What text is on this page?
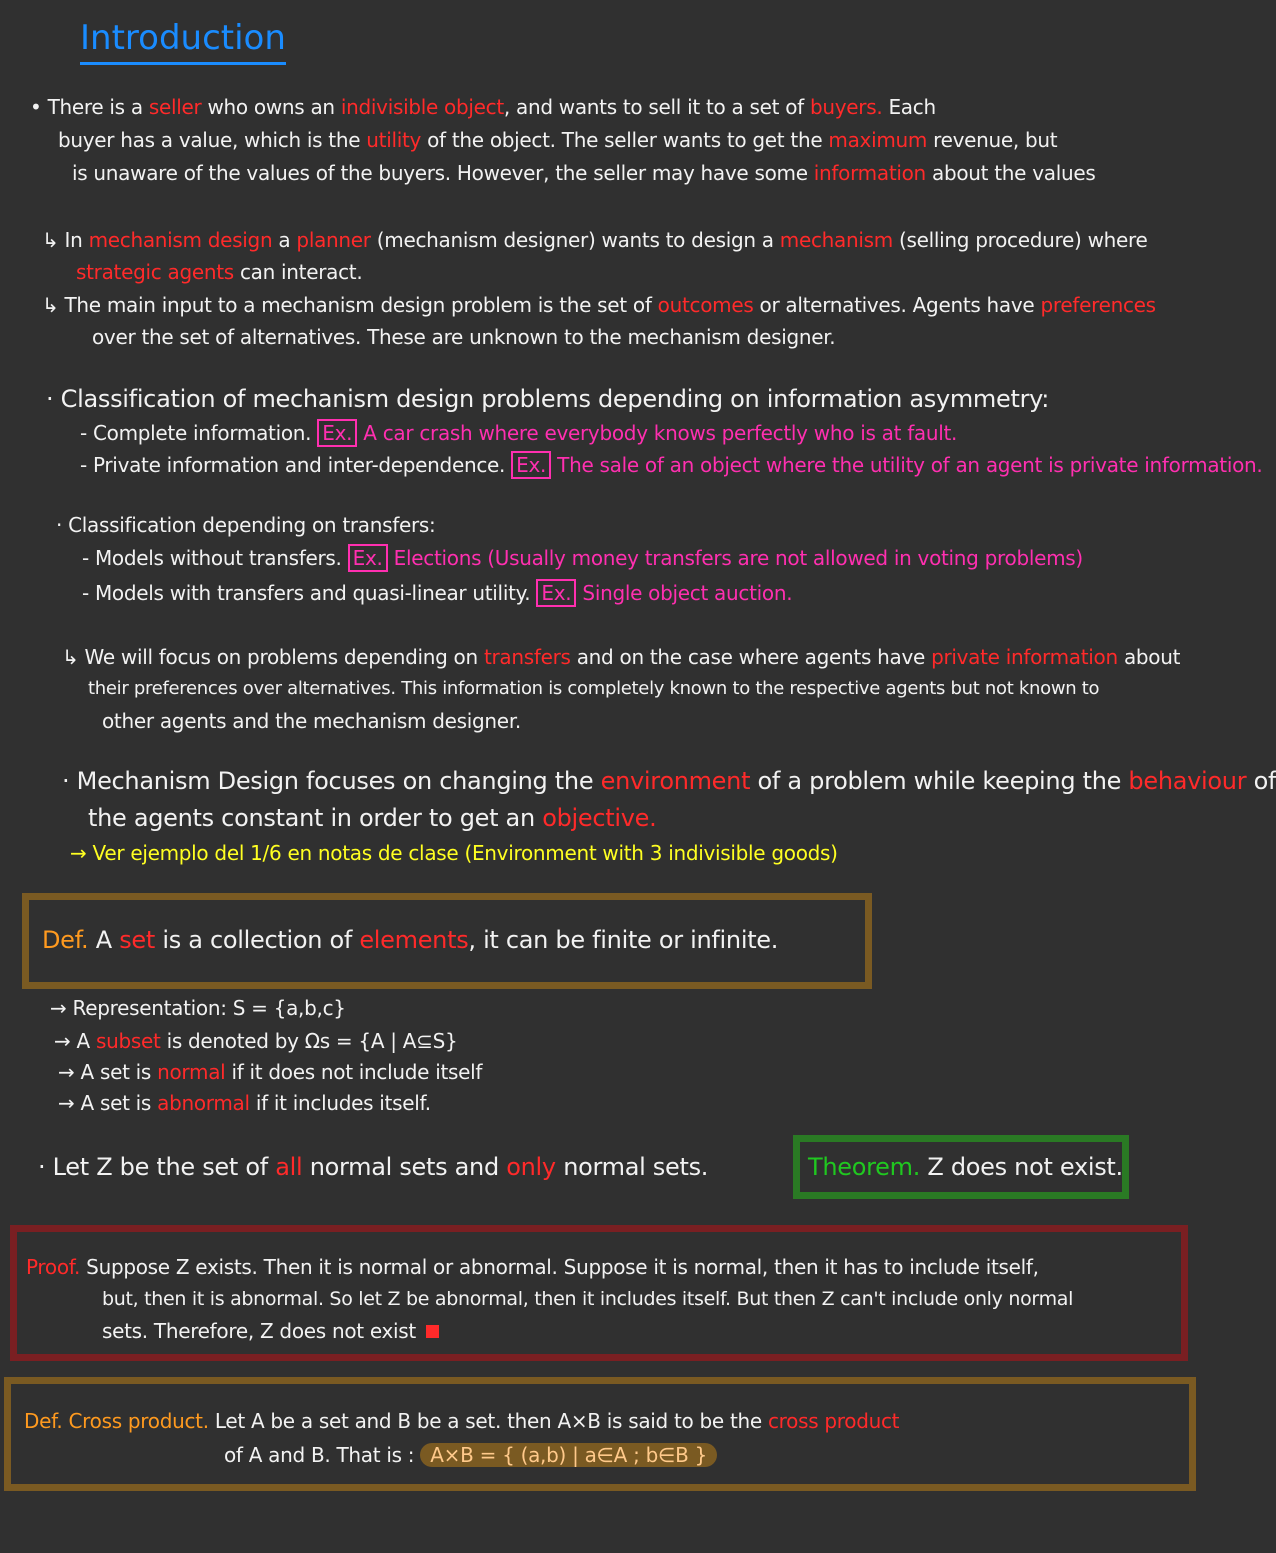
Introduction
• There is a seller who owns an indivisible object, and wants to sell it to a set of buyers. Each
buyer has a value, which is the utility of the object. The seller wants to get the maximum revenue, but
is unaware of the values of the buyers. However, the seller may have some information about the values
↳ In mechanism design a planner (mechanism designer) wants to design a mechanism (selling procedure) where
strategic agents can interact.
↳ The main input to a mechanism design problem is the set of outcomes or alternatives. Agents have preferences
over the set of alternatives. These are unknown to the mechanism designer.
· Classification of mechanism design problems depending on information asymmetry:
- Complete information. Ex. A car crash where everybody knows perfectly who is at fault.
- Private information and inter-dependence. Ex. The sale of an object where the utility of an agent is private information.
· Classification depending on transfers:
- Models without transfers. Ex. Elections (Usually money transfers are not allowed in voting problems)
- Models with transfers and quasi-linear utility. Ex. Single object auction.
↳ We will focus on problems depending on transfers and on the case where agents have private information about
their preferences over alternatives. This information is completely known to the respective agents but not known to
other agents and the mechanism designer.
· Mechanism Design focuses on changing the environment of a problem while keeping the behaviour of
the agents constant in order to get an objective.
→ Ver ejemplo del 1/6 en notas de clase (Environment with 3 indivisible goods)
Def. A set is a collection of elements, it can be finite or infinite.
→ Representation: S = {a,b,c}
→ A subset is denoted by Ωs = {A | A⊆S}
→ A set is normal if it does not include itself
→ A set is abnormal if it includes itself.
· Let Z be the set of all normal sets and only normal sets.	Theorem. Z does not exist.
Proof. Suppose Z exists. Then it is normal or abnormal. Suppose it is normal, then it has to include itself,
but, then it is abnormal. So let Z be abnormal, then it includes itself. But then Z can't include only normal
sets. Therefore, Z does not exist
Def. Cross product. Let A be a set and B be a set. then A×B is said to be the cross product
of A and B. That is : A×B = { (a,b) | a∈A ; b∈B }
